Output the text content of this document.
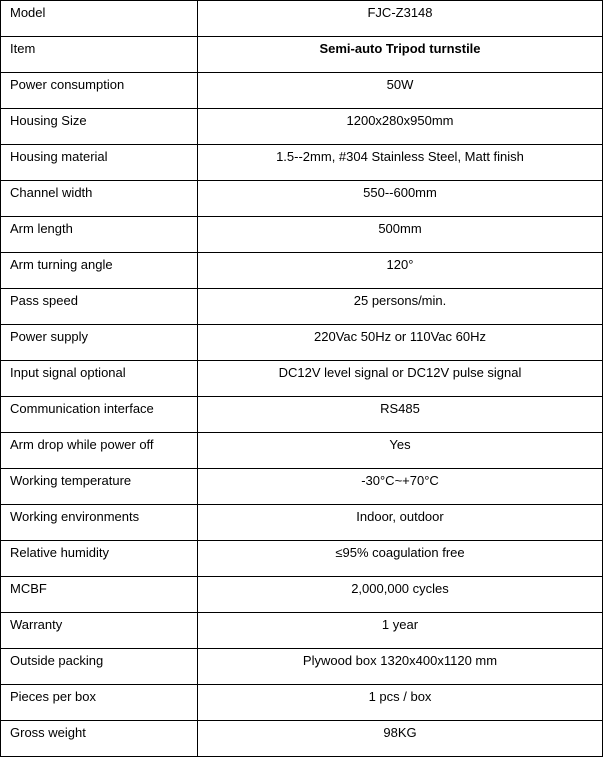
Model	FJC-Z3148
Item	Semi-auto Tripod turnstile
Power consumption	50W
Housing Size	1200x280x950mm
Housing material	1.5--2mm, #304 Stainless Steel, Matt finish
Channel width	550--600mm
Arm length	500mm
Arm turning angle	120°
Pass speed	25 persons/min.
Power supply	220Vac 50Hz or 110Vac 60Hz
Input signal optional	DC12V level signal or DC12V pulse signal
Communication interface	RS485
Arm drop while power off	Yes
Working temperature	-30°C~+70°C
Working environments	Indoor, outdoor
Relative humidity	≤95% coagulation free
MCBF	2,000,000 cycles
Warranty	1 year
Outside packing	Plywood box 1320x400x1120 mm
Pieces per box	1 pcs / box
Gross weight	98KG
